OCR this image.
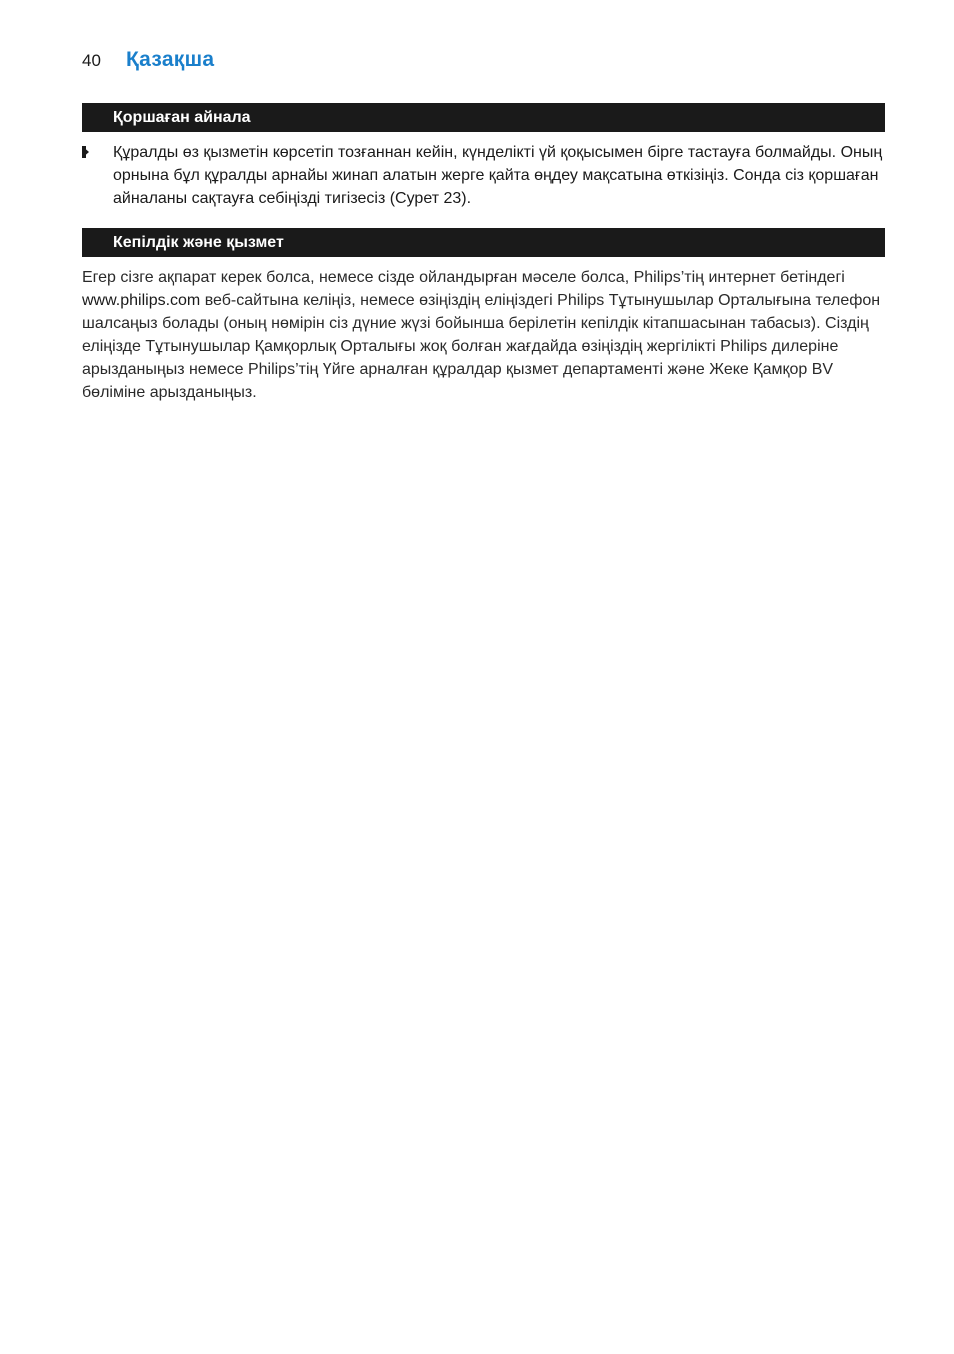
40	Қазақша
Қоршаған айнала
Құралды өз қызметін көрсетіп тозғаннан кейін, күнделікті үй қоқысымен бірге тастауға болмайды. Оның орнына бұл құралды арнайы жинап алатын жерге қайта өңдеу мақсатына өткізіңіз. Сонда сіз қоршаған айналаны сақтауға себіңізді тигізесіз (Сурет 23).
Кепілдік және қызмет
Егер сізге ақпарат керек болса, немесе сізде ойландырған мәселе болса, Philips’тің интернет бетіндегі www.philips.com веб-сайтына келіңіз, немесе өзіңіздің еліңіздегі Philips Тұтынушылар Орталығына телефон шалсаңыз болады (оның нөмірін сіз дүние жүзі бойынша берілетін кепілдік кітапшасынан табасыз). Сіздің еліңізде Тұтынушылар Қамқорлық Орталығы жоқ болған жағдайда өзіңіздің жергілікті Philips дилеріне арызданыңыз немесе Philips’тің Үйге арналған құралдар қызмет департаменті және Жеке Қамқор BV бөліміне арызданыңыз.
